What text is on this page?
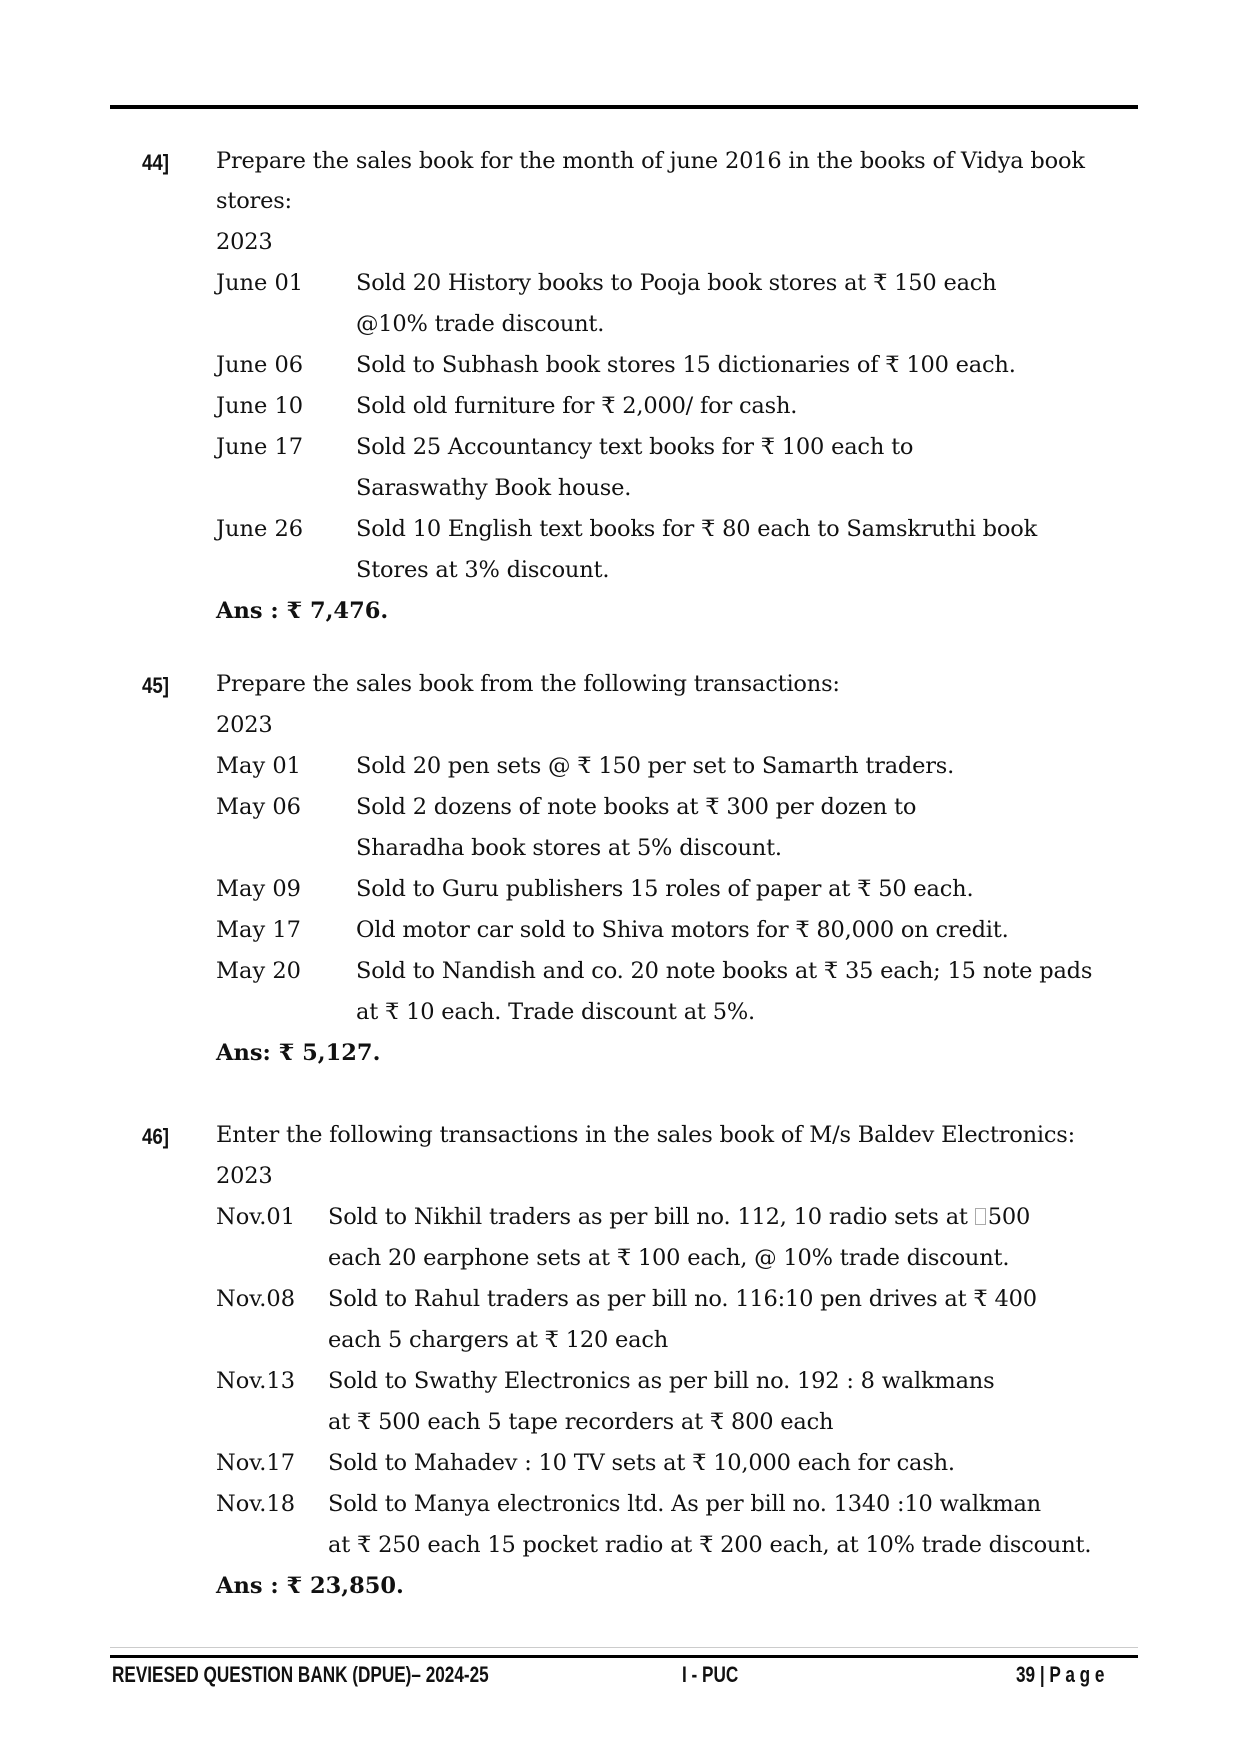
44] Prepare the sales book for the month of june 2016 in the books of Vidya book
stores:
2023
June 01 Sold 20 History books to Pooja book stores at ₹ 150 each
@10% trade discount.
June 06 Sold to Subhash book stores 15 dictionaries of ₹ 100 each.
June 10 Sold old furniture for ₹ 2,000/ for cash.
June 17 Sold 25 Accountancy text books for ₹ 100 each to
Saraswathy Book house.
June 26 Sold 10 English text books for ₹ 80 each to Samskruthi book
Stores at 3% discount.
Ans : ₹ 7,476.
45] Prepare the sales book from the following transactions:
2023
May 01 Sold 20 pen sets @ ₹ 150 per set to Samarth traders.
May 06 Sold 2 dozens of note books at ₹ 300 per dozen to
Sharadha book stores at 5% discount.
May 09 Sold to Guru publishers 15 roles of paper at ₹ 50 each.
May 17 Old motor car sold to Shiva motors for ₹ 80,000 on credit.
May 20 Sold to Nandish and co. 20 note books at ₹ 35 each; 15 note pads
at ₹ 10 each. Trade discount at 5%.
Ans: ₹ 5,127.
46] Enter the following transactions in the sales book of M/s Baldev Electronics:
2023
Nov.01 Sold to Nikhil traders as per bill no. 112, 10 radio sets at 500
each 20 earphone sets at ₹ 100 each, @ 10% trade discount.
Nov.08 Sold to Rahul traders as per bill no. 116:10 pen drives at ₹ 400
each 5 chargers at ₹ 120 each
Nov.13 Sold to Swathy Electronics as per bill no. 192 : 8 walkmans
at ₹ 500 each 5 tape recorders at ₹ 800 each
Nov.17 Sold to Mahadev : 10 TV sets at ₹ 10,000 each for cash.
Nov.18 Sold to Manya electronics ltd. As per bill no. 1340 :10 walkman
at ₹ 250 each 15 pocket radio at ₹ 200 each, at 10% trade discount.
Ans : ₹ 23,850.
REVIESED QUESTION BANK (DPUE)– 2024-25	I - PUC	39 | P a g e
